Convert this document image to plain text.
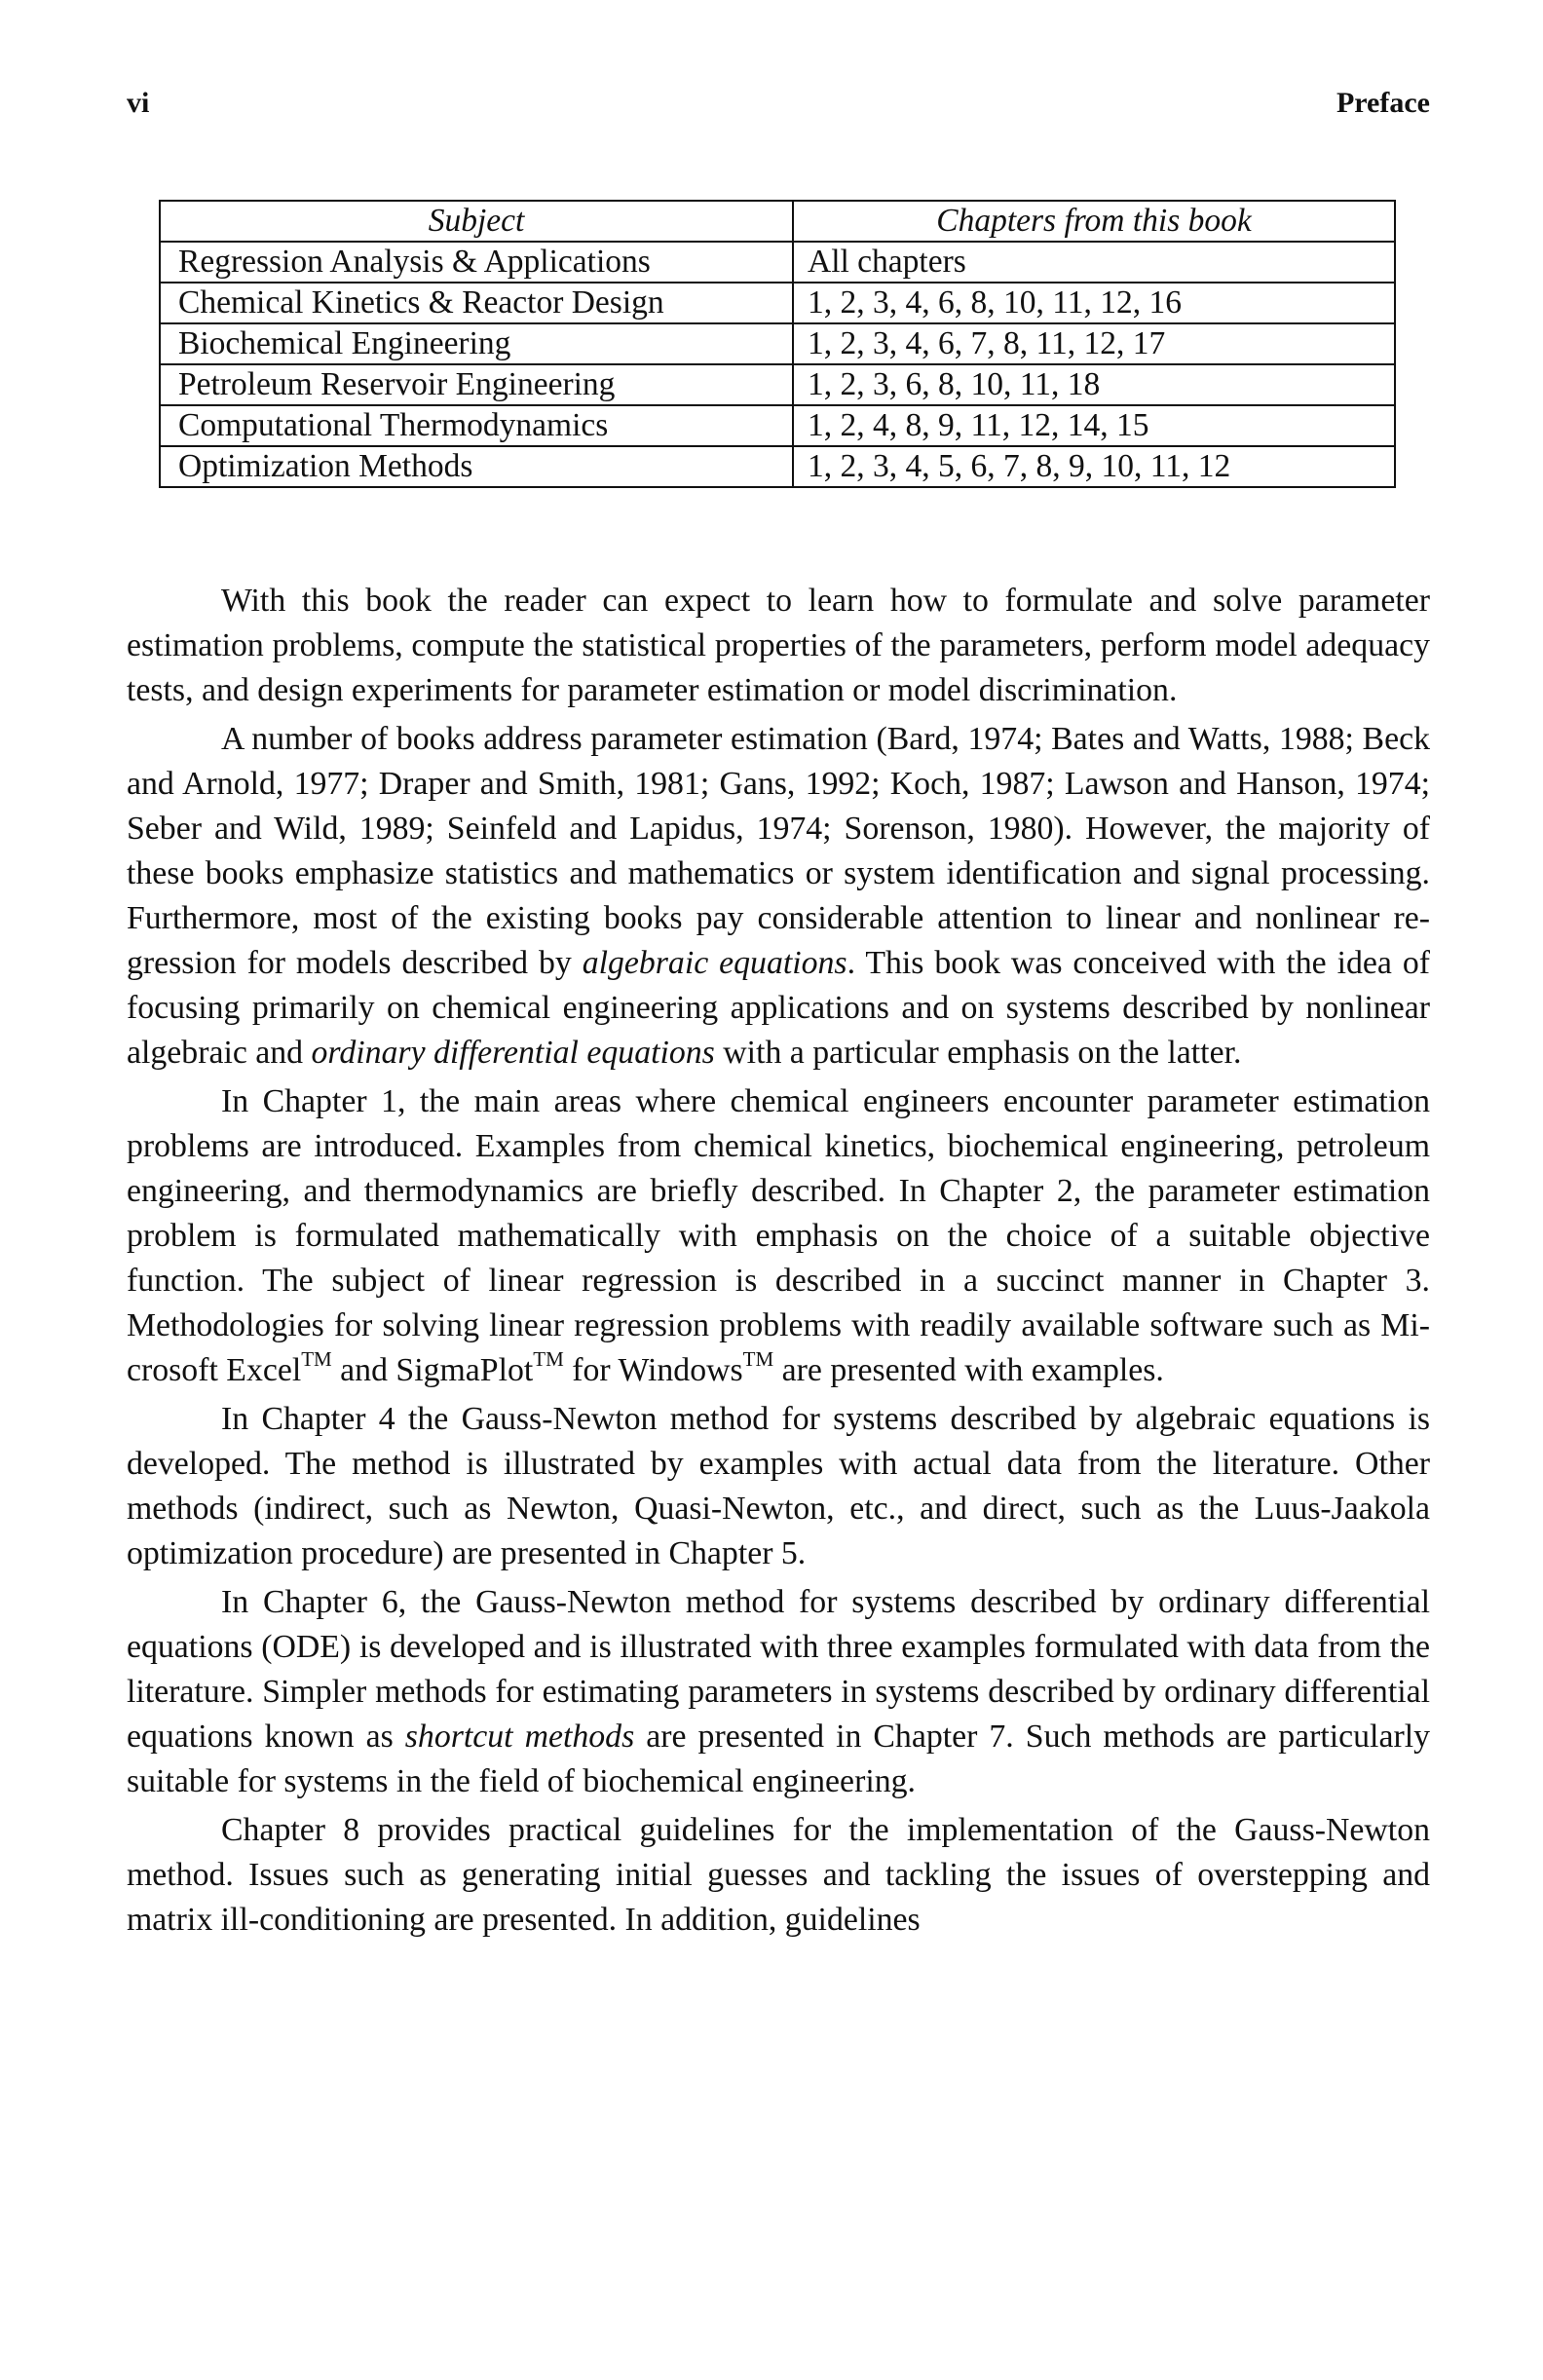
vi	Preface
Subject	Chapters from this book
Regression Analysis & Applications	All chapters
Chemical Kinetics & Reactor Design	1, 2, 3, 4, 6, 8, 10, 11, 12, 16
Biochemical Engineering	1, 2, 3, 4, 6, 7, 8, 11, 12, 17
Petroleum Reservoir Engineering	1, 2, 3, 6, 8, 10, 11, 18
Computational Thermodynamics	1, 2, 4, 8, 9, 11, 12, 14, 15
Optimization Methods	1, 2, 3, 4, 5, 6, 7, 8, 9, 10, 11, 12

With this book the reader can expect to learn how to formulate and solve parameter estimation problems, compute the statistical properties of the parameters, perform model adequacy tests, and design experiments for parameter estimation or model discrimination.

A number of books address parameter estimation (Bard, 1974; Bates and Watts, 1988; Beck and Arnold, 1977; Draper and Smith, 1981; Gans, 1992; Koch, 1987; Lawson and Hanson, 1974; Seber and Wild, 1989; Seinfeld and Lapidus, 1974; Sorenson, 1980). However, the majority of these books emphasize statistics and mathematics or system identification and signal processing. Furthermore, most of the existing books pay considerable attention to linear and nonlinear regression for models described by algebraic equations. This book was conceived with the idea of focusing primarily on chemical engineering applications and on systems described by nonlinear algebraic and ordinary differential equations with a particular emphasis on the latter.

In Chapter 1, the main areas where chemical engineers encounter parameter estimation problems are introduced. Examples from chemical kinetics, biochemical engineering, petroleum engineering, and thermodynamics are briefly described. In Chapter 2, the parameter estimation problem is formulated mathematically with emphasis on the choice of a suitable objective function. The subject of linear regression is described in a succinct manner in Chapter 3. Methodologies for solving linear regression problems with readily available software such as Microsoft Excel™ and SigmaPlot™ for Windows™ are presented with examples.

In Chapter 4 the Gauss-Newton method for systems described by algebraic equations is developed. The method is illustrated by examples with actual data from the literature. Other methods (indirect, such as Newton, Quasi-Newton, etc., and direct, such as the Luus-Jaakola optimization procedure) are presented in Chapter 5.

In Chapter 6, the Gauss-Newton method for systems described by ordinary differential equations (ODE) is developed and is illustrated with three examples formulated with data from the literature. Simpler methods for estimating parameters in systems described by ordinary differential equations known as shortcut methods are presented in Chapter 7. Such methods are particularly suitable for systems in the field of biochemical engineering.

Chapter 8 provides practical guidelines for the implementation of the Gauss-Newton method. Issues such as generating initial guesses and tackling the issues of overstepping and matrix ill-conditioning are presented. In addition, guidelines
